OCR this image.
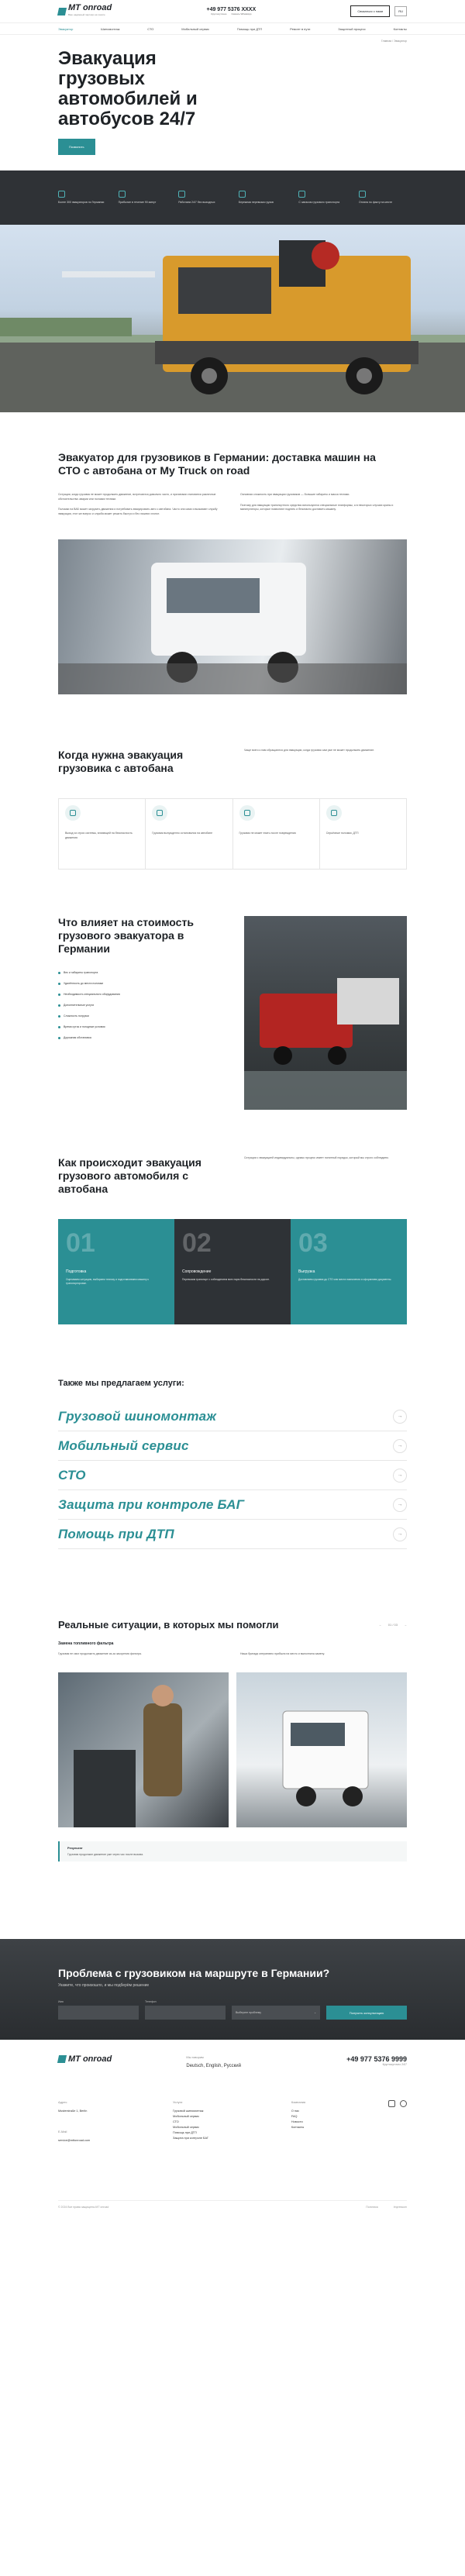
MT onroad
Ваш надёжный партнёр на трассе
+49 977 5376 XXXX
Круглосуточно Скачать WhatsApp
Связаться с нами	RU
Эвакуатор	Шиномонтаж	СТО	Мобильный сервис	Помощь при ДТП	Ремонт в пути	Защитный процесс	Контакты
Главная / Эвакуатор
Эвакуация грузовых автомобилей и автобусов 24/7
Позвонить
Более 300 эвакуаторов по Германии	Прибытие в течение 90 минут	Работаем 24/7 без выходных	Бережная перевозка грузов	С запасом грузового транспорта	Оплата по факту на месте
Эвакуатор для грузовиков в Германии: доставка машин на СТО с автобана от My Truck on road

Ситуации, когда грузовик не может продолжить движение, встречаются довольно часто, и причинами становятся различные обстоятельства: аварии или поломки техники.

Поломки на ВАБ может загрузить движения и потребовать эвакуировать авто с автобана. Часто они сами и вызывают службу эвакуации, этот же вопрос и служба может решить быстро и без лишних хлопот.

Основная сложность при эвакуации грузовиков — большие габариты и масса техники.

Поэтому для эвакуации транспортного средства используются специальные платформы, а в некоторых случаях краны и манипуляторы, которые позволяют поднять и безопасно доставить машину.

Когда нужна эвакуация грузовика с автобана

Чаще всего к нам обращаются для эвакуации, когда грузовик сам уже не может продолжить движение.

Выход из строя системы, влияющей на безопасность движения

Грузовик вынужденно остановился на автобане	Грузовик не может ехать после повреждения	Серьёзные поломки, ДТП

Что влияет на стоимость грузового эвакуатора в Германии
Вес и габариты транспорта
Удалённость до места поломки
Необходимость специального оборудования
Дополнительные услуги
Сложность погрузки
Время суток и погодные условия
Дорожная обстановка
Как происходит эвакуация грузового автомобиля с автобана

Ситуации с эвакуацией индивидуальны, однако процесс имеет понятный порядок, который мы строго соблюдаем.

01
Подготовка
Оцениваем ситуацию, выбираем технику и подготавливаем машину к транспортировке.
02
Сопровождение
Перевозим транспорт с соблюдением всех норм безопасности на дороге.
03
Выгрузка
Доставляем грузовик до СТО или места назначения и оформляем документы.
Также мы предлагаем услуги:
Грузовой шиномонтаж	→
Мобильный сервис	→
СТО	→
Защита при контроле БАГ	→
Помощь при ДТП	→
Реальные ситуации, в которых мы помогли	← 01 / 03 →
Замена топливного фильтра

Грузовик не смог продолжить движение из-за засорения фильтра.	Наша бригада оперативно прибыла на место и выполнила замену.

Результат

Грузовик продолжил движение уже через час после вызова.

Проблема с грузовиком на маршруте в Германии?

Укажите, что произошло, и мы подберём решение

Имя	Телефон
Выберите проблему	⌄	Получить консультацию
MT onroad	Мы говорим

Deutsch, English, Русский

+49 977 5376 9999
Круглосуточно 24/7
Адрес

Musterstraße 1, Berlin

E-Mail

service@mttonroad.com

Услуги

Грузовой шиномонтаж

Мобильный сервис

СТО

Мобильный сервис

Помощь при ДТП

Защита при контроле БАГ

Компания

О нас

FAQ

Новости

Контакты

© 2024 Все права защищены MT onroad	Политика	Impressum
